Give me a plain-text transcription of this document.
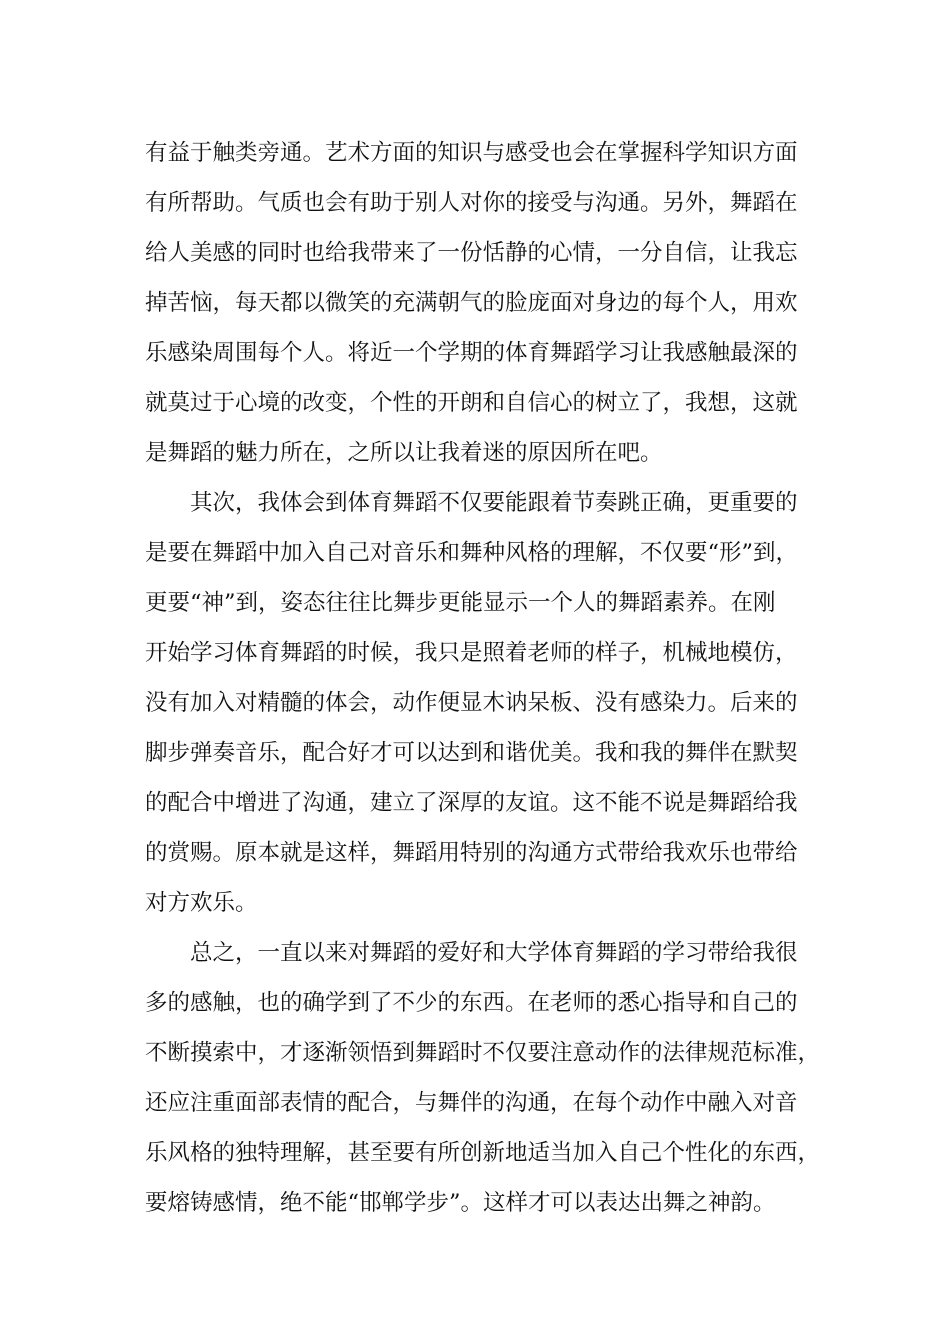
有益于触类旁通。艺术方面的知识与感受也会在掌握科学知识方面
有所帮助。气质也会有助于别人对你的接受与沟通。另外，舞蹈在
给人美感的同时也给我带来了一份恬静的心情，一分自信，让我忘
掉苦恼，每天都以微笑的充满朝气的脸庞面对身边的每个人，用欢
乐感染周围每个人。将近一个学期的体育舞蹈学习让我感触最深的
就莫过于心境的改变，个性的开朗和自信心的树立了，我想，这就
是舞蹈的魅力所在，之所以让我着迷的原因所在吧。
　　其次，我体会到体育舞蹈不仅要能跟着节奏跳正确，更重要的
是要在舞蹈中加入自己对音乐和舞种风格的理解，不仅要“形”到，
更要“神”到，姿态往往比舞步更能显示一个人的舞蹈素养。在刚
开始学习体育舞蹈的时候，我只是照着老师的样子，机械地模仿，
没有加入对精髓的体会，动作便显木讷呆板、没有感染力。后来的
脚步弹奏音乐，配合好才可以达到和谐优美。我和我的舞伴在默契
的配合中增进了沟通，建立了深厚的友谊。这不能不说是舞蹈给我
的赏赐。原本就是这样，舞蹈用特别的沟通方式带给我欢乐也带给
对方欢乐。
　　总之，一直以来对舞蹈的爱好和大学体育舞蹈的学习带给我很
多的感触，也的确学到了不少的东西。在老师的悉心指导和自己的
不断摸索中，才逐渐领悟到舞蹈时不仅要注意动作的法律规范标准，
还应注重面部表情的配合，与舞伴的沟通，在每个动作中融入对音
乐风格的独特理解，甚至要有所创新地适当加入自己个性化的东西，
要熔铸感情，绝不能“邯郸学步”。这样才可以表达出舞之神韵。
